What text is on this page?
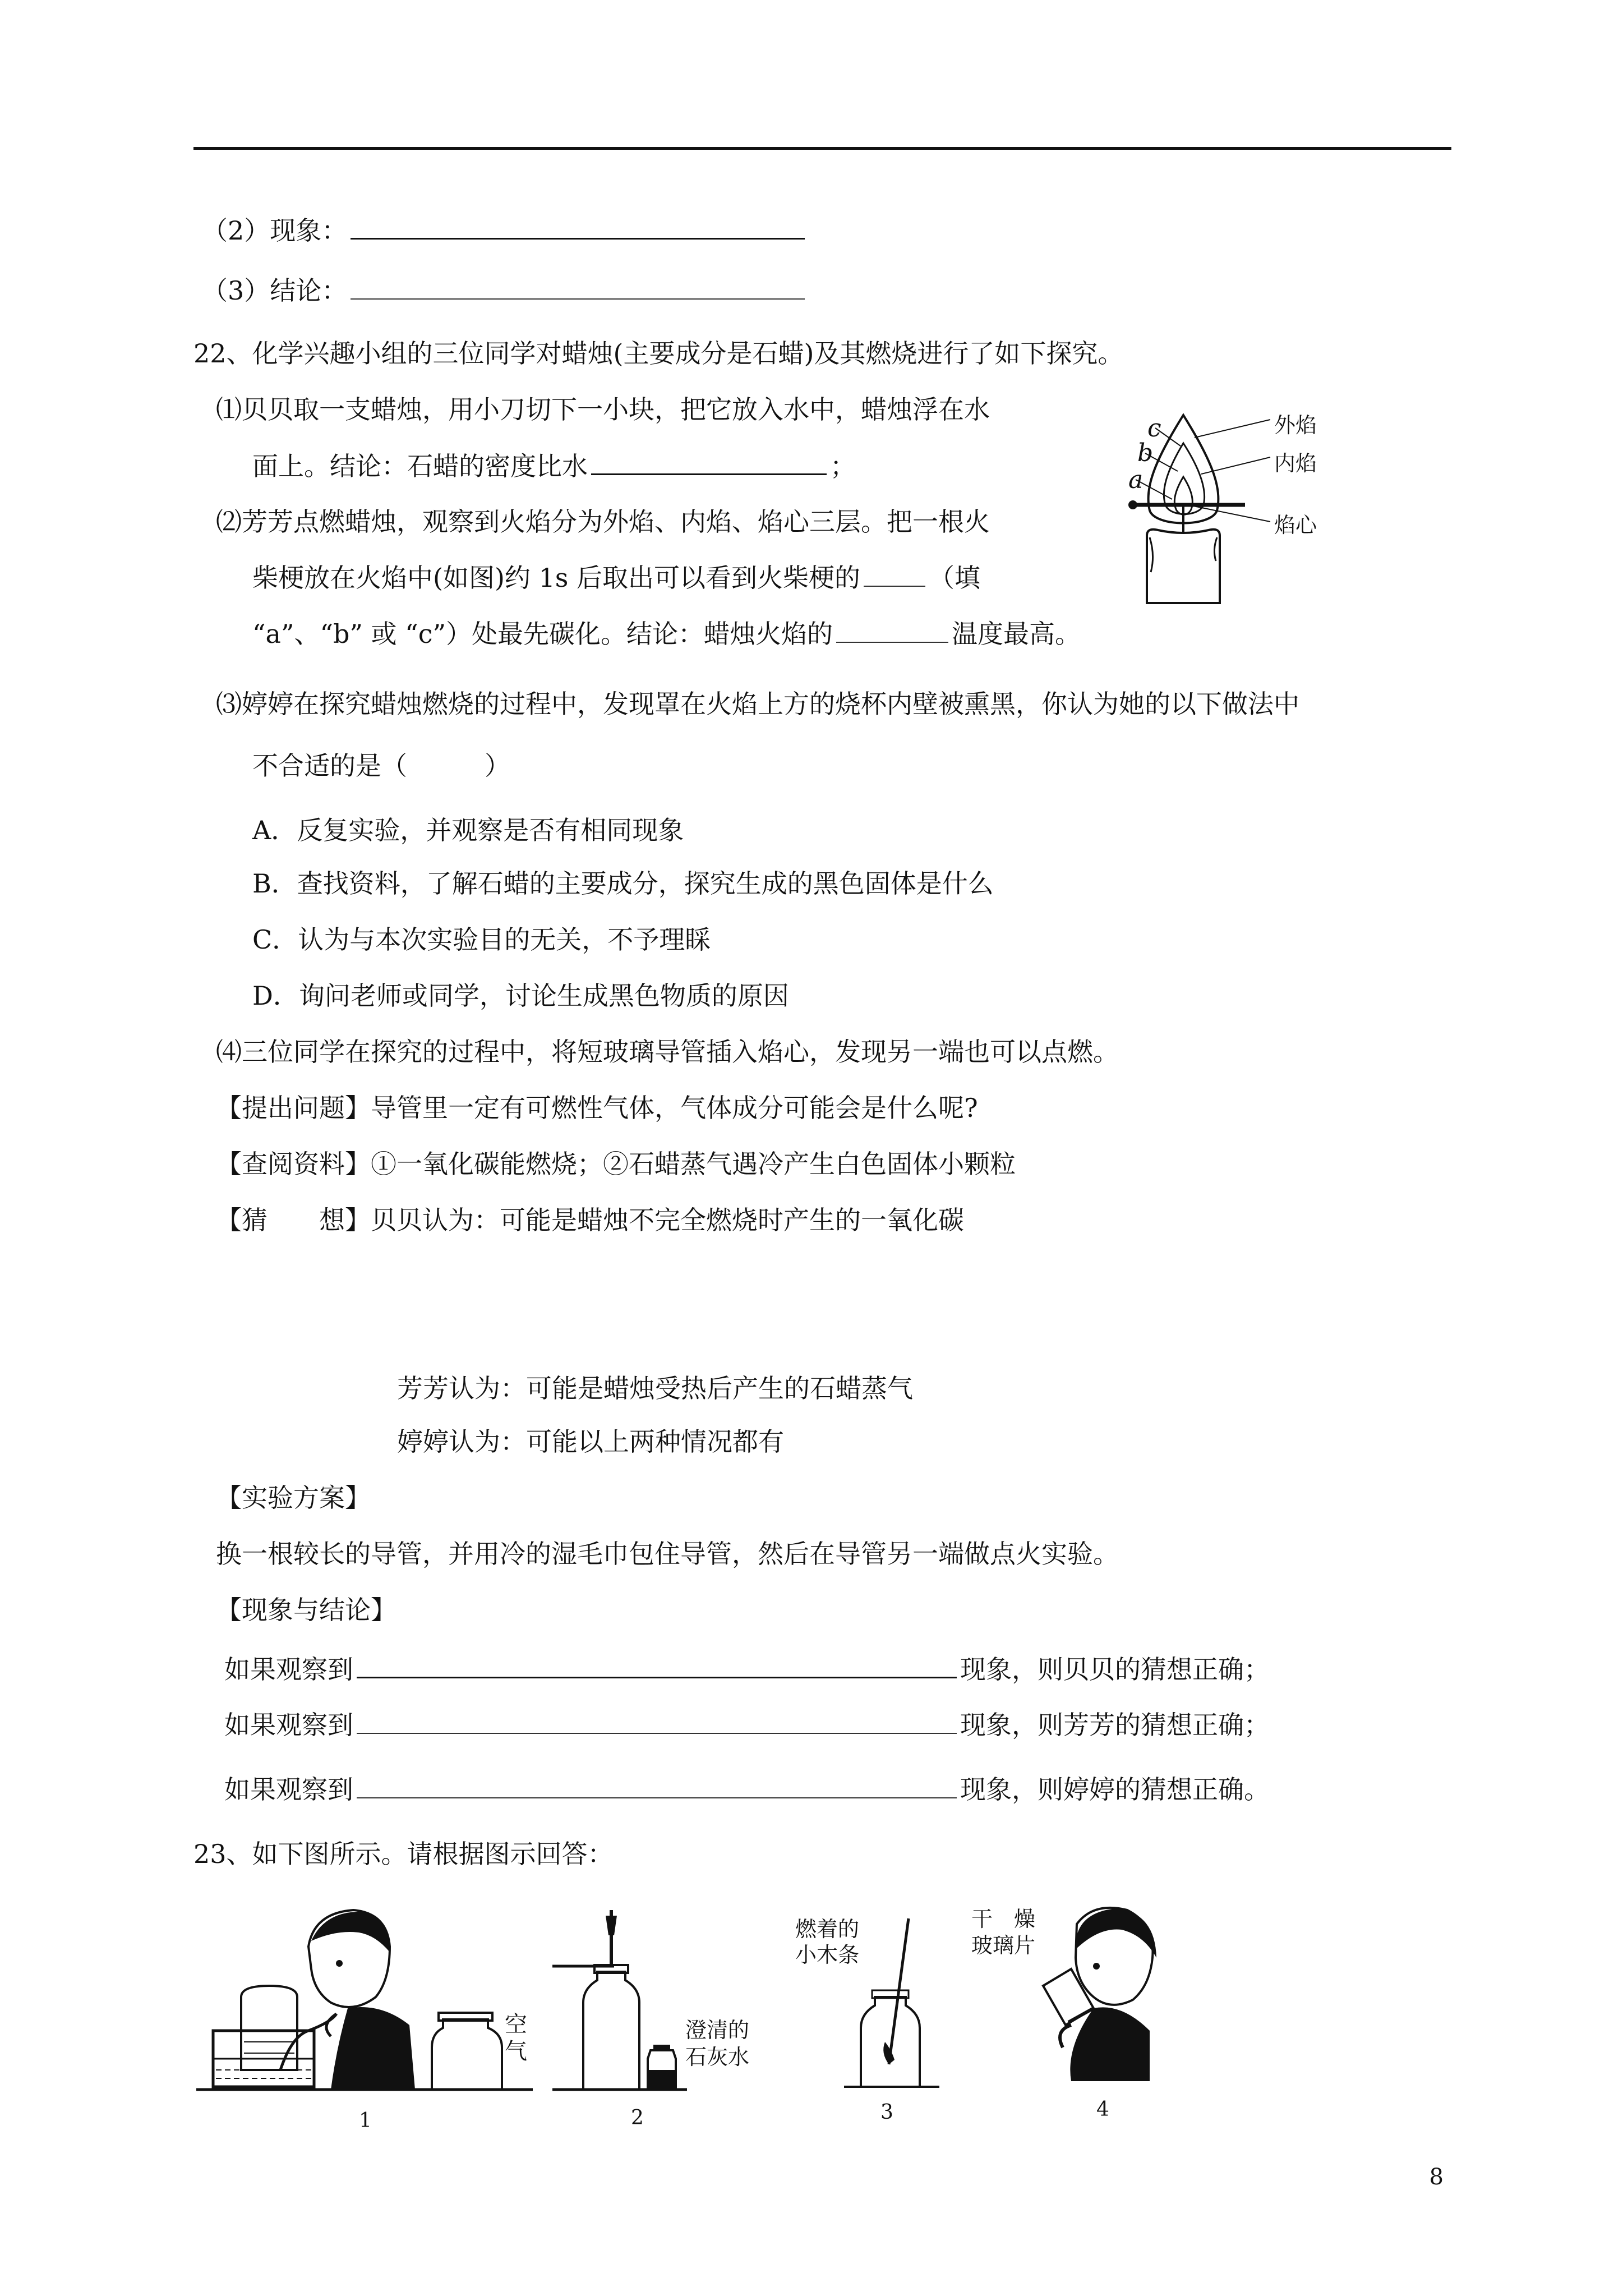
（2）现象：
（3）结论：
22、化学兴趣小组的三位同学对蜡烛(主要成分是石蜡)及其燃烧进行了如下探究。
⑴贝贝取一支蜡烛，用小刀切下一小块，把它放入水中，蜡烛浮在水
面上。结论：石蜡的密度比水	；
⑵芳芳点燃蜡烛，观察到火焰分为外焰、内焰、焰心三层。把一根火
柴梗放在火焰中(如图)约 1s 后取出可以看到火柴梗的	（填
“a”、“b” 或 “c”）处最先碳化。结论：蜡烛火焰的	温度最高。
a
b
c	外焰
内焰
焰心
⑶婷婷在探究蜡烛燃烧的过程中，发现罩在火焰上方的烧杯内壁被熏黑，你认为她的以下做法中
不合适的是（　　　）
A．反复实验，并观察是否有相同现象
B．查找资料，了解石蜡的主要成分，探究生成的黑色固体是什么
C．认为与本次实验目的无关，不予理睬
D．询问老师或同学，讨论生成黑色物质的原因
⑷三位同学在探究的过程中，将短玻璃导管插入焰心，发现另一端也可以点燃。
【提出问题】导管里一定有可燃性气体，气体成分可能会是什么呢?
【查阅资料】①一氧化碳能燃烧；②石蜡蒸气遇冷产生白色固体小颗粒
【猜　　想】贝贝认为：可能是蜡烛不完全燃烧时产生的一氧化碳
芳芳认为：可能是蜡烛受热后产生的石蜡蒸气
婷婷认为：可能以上两种情况都有
【实验方案】
换一根较长的导管，并用冷的湿毛巾包住导管，然后在导管另一端做点火实验。
【现象与结论】
如果观察到	现象，则贝贝的猜想正确；
如果观察到	现象，则芳芳的猜想正确；
如果观察到	现象，则婷婷的猜想正确。
23、如下图所示。请根据图示回答：
空
气
1
澄清的
石灰水
2
燃着的
小木条
3
干　燥
玻璃片
4
8
